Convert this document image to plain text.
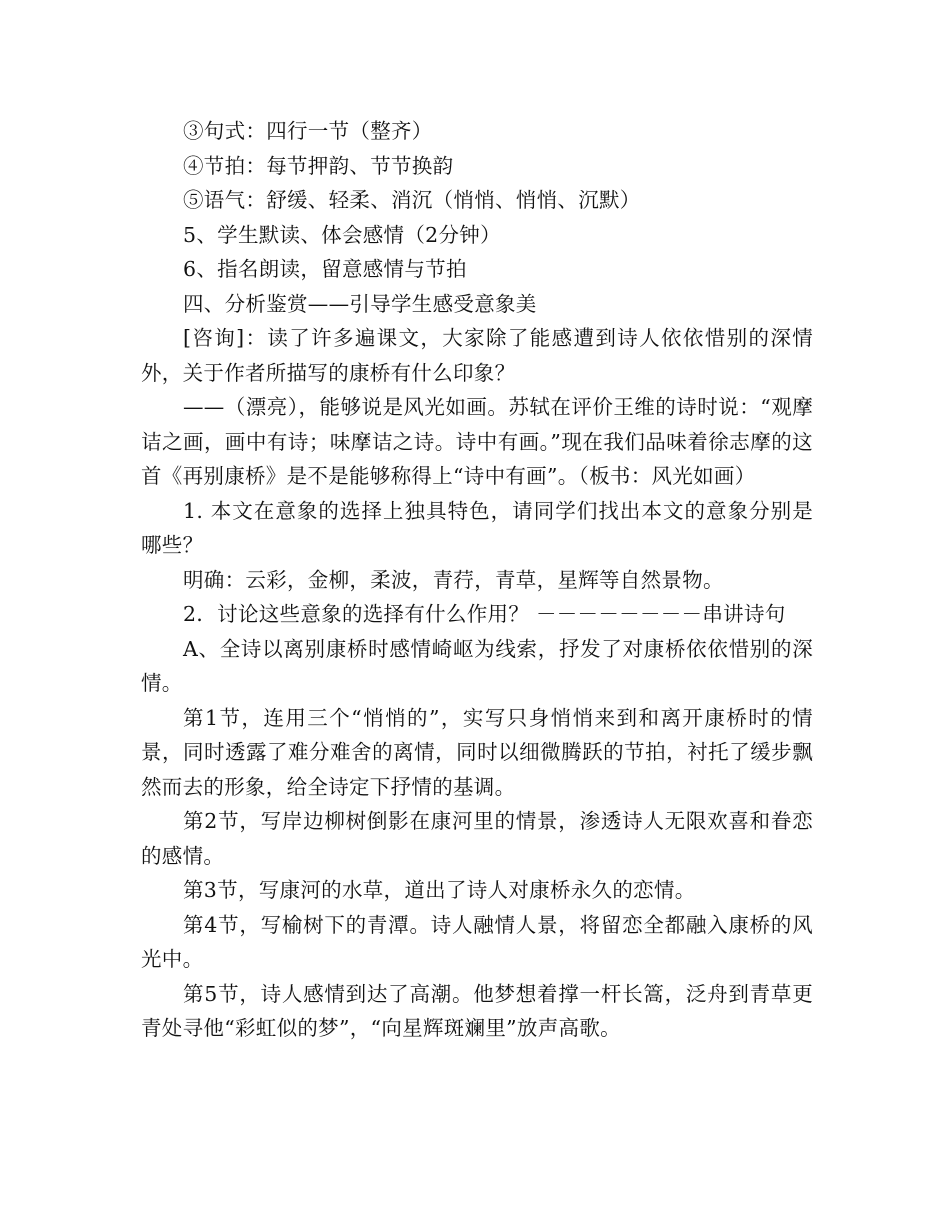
③句式：四行一节（整齐）

④节拍：每节押韵、节节换韵

⑤语气：舒缓、轻柔、消沉（悄悄、悄悄、沉默）

5、学生默读、体会感情（2分钟）

6、指名朗读，留意感情与节拍

四、分析鉴赏——引导学生感受意象美

[咨询]：读了许多遍课文，大家除了能感遭到诗人依依惜别的深情外，关于作者所描写的康桥有什么印象？

——（漂亮），能够说是风光如画。苏轼在评价王维的诗时说：“观摩诘之画，画中有诗；味摩诘之诗。诗中有画。”现在我们品味着徐志摩的这首《再别康桥》是不是能够称得上“诗中有画”。（板书：风光如画）

1. 本文在意象的选择上独具特色，请同学们找出本文的意象分别是哪些？

明确：云彩，金柳，柔波，青荇，青草，星辉等自然景物。

2．讨论这些意象的选择有什么作用？ －－－－－－－－串讲诗句

A、全诗以离别康桥时感情崎岖为线索，抒发了对康桥依依惜别的深情。

第1节，连用三个“悄悄的”，实写只身悄悄来到和离开康桥时的情景，同时透露了难分难舍的离情，同时以细微腾跃的节拍，衬托了缓步飘然而去的形象，给全诗定下抒情的基调。

第2节，写岸边柳树倒影在康河里的情景，渗透诗人无限欢喜和眷恋的感情。

第3节，写康河的水草，道出了诗人对康桥永久的恋情。

第4节，写榆树下的青潭。诗人融情人景，将留恋全都融入康桥的风光中。

第5节，诗人感情到达了高潮。他梦想着撑一杆长篙，泛舟到青草更青处寻他“彩虹似的梦”，“向星辉斑斓里”放声高歌。
